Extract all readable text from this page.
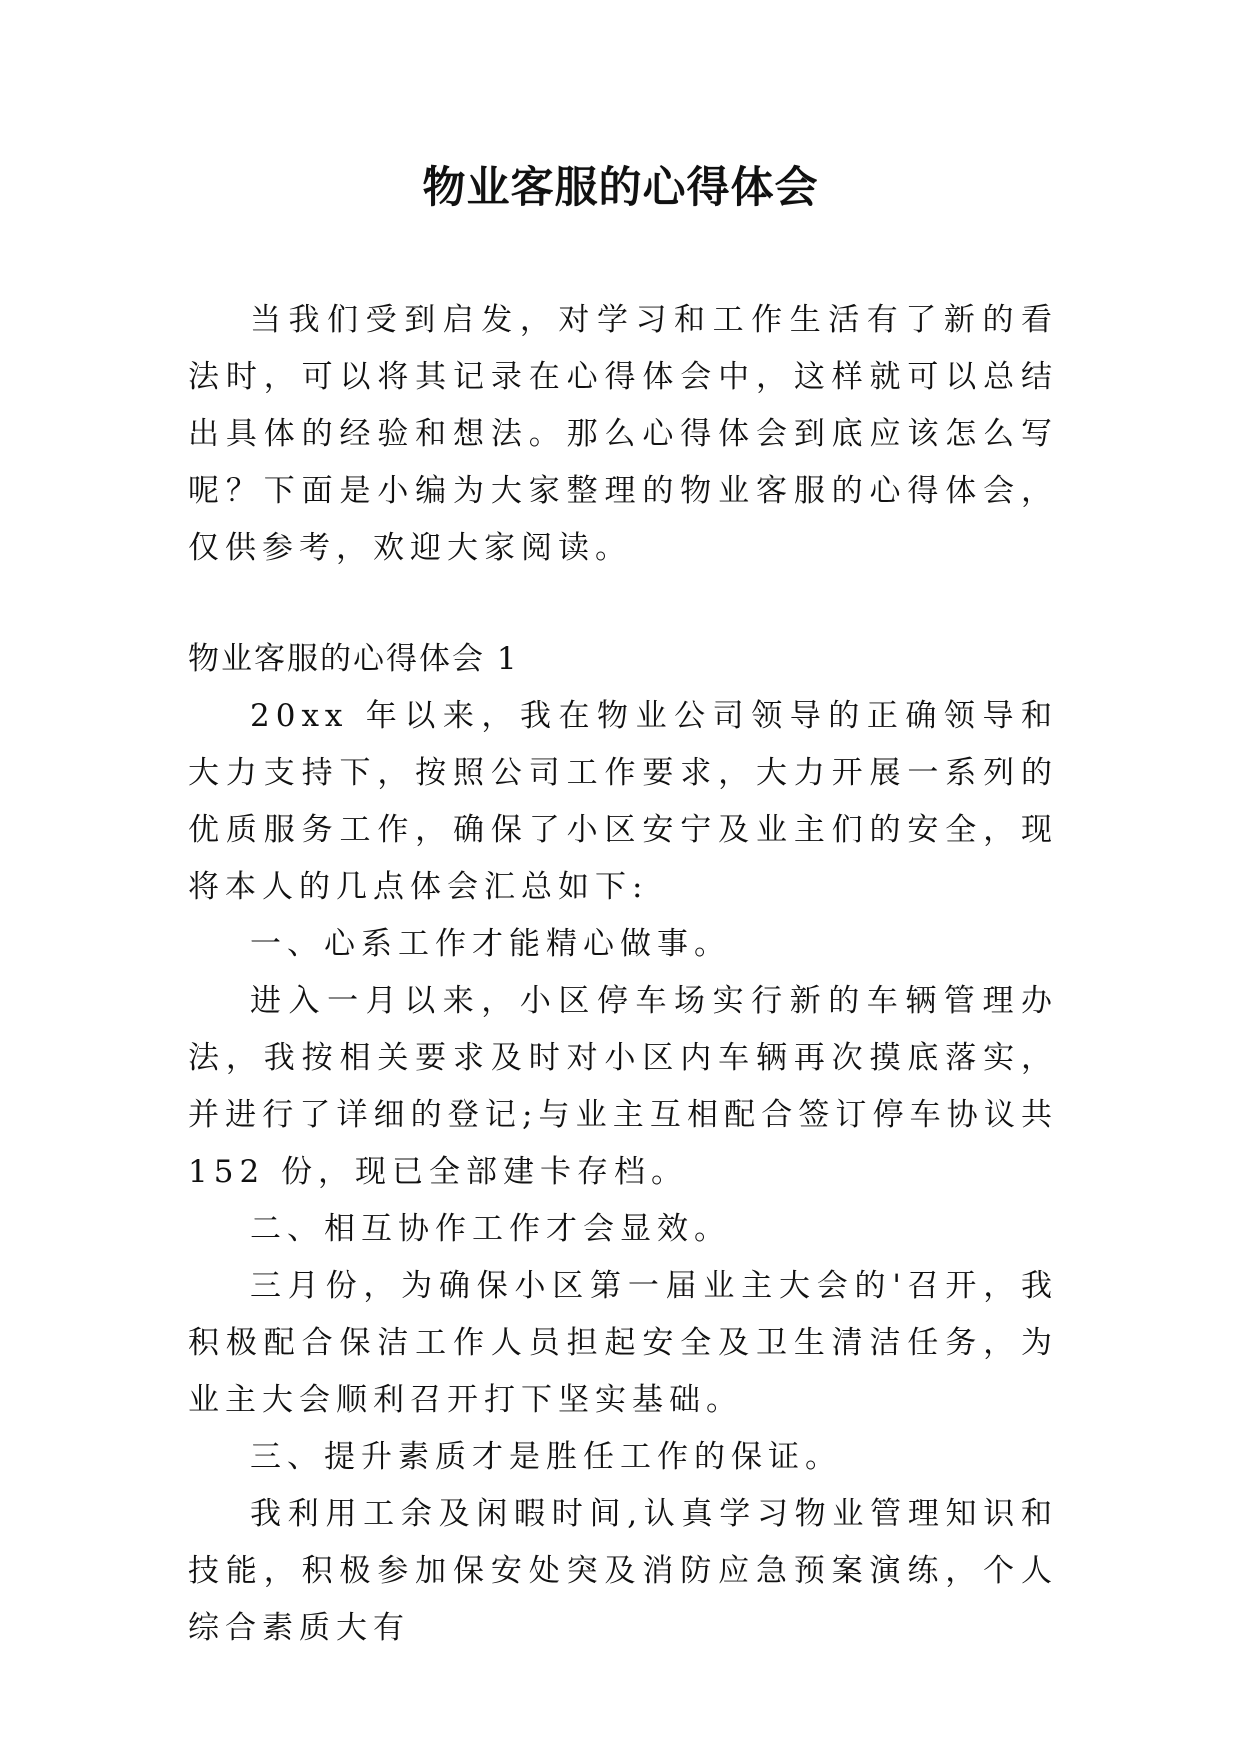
物业客服的心得体会

当我们受到启发，对学习和工作生活有了新的看法时，可以将其记录在心得体会中，这样就可以总结出具体的经验和想法。那么心得体会到底应该怎么写呢？下面是小编为大家整理的物业客服的心得体会，仅供参考，欢迎大家阅读。

物业客服的心得体会 1

20xx 年以来，我在物业公司领导的正确领导和大力支持下，按照公司工作要求，大力开展一系列的优质服务工作，确保了小区安宁及业主们的安全，现将本人的几点体会汇总如下:

一、心系工作才能精心做事。

进入一月以来，小区停车场实行新的车辆管理办法，我按相关要求及时对小区内车辆再次摸底落实，并进行了详细的登记;与业主互相配合签订停车协议共 152 份，现已全部建卡存档。

二、相互协作工作才会显效。

三月份，为确保小区第一届业主大会的'召开，我积极配合保洁工作人员担起安全及卫生清洁任务，为业主大会顺利召开打下坚实基础。

三、提升素质才是胜任工作的保证。

我利用工余及闲暇时间,认真学习物业管理知识和技能，积极参加保安处突及消防应急预案演练，个人综合素质大有
